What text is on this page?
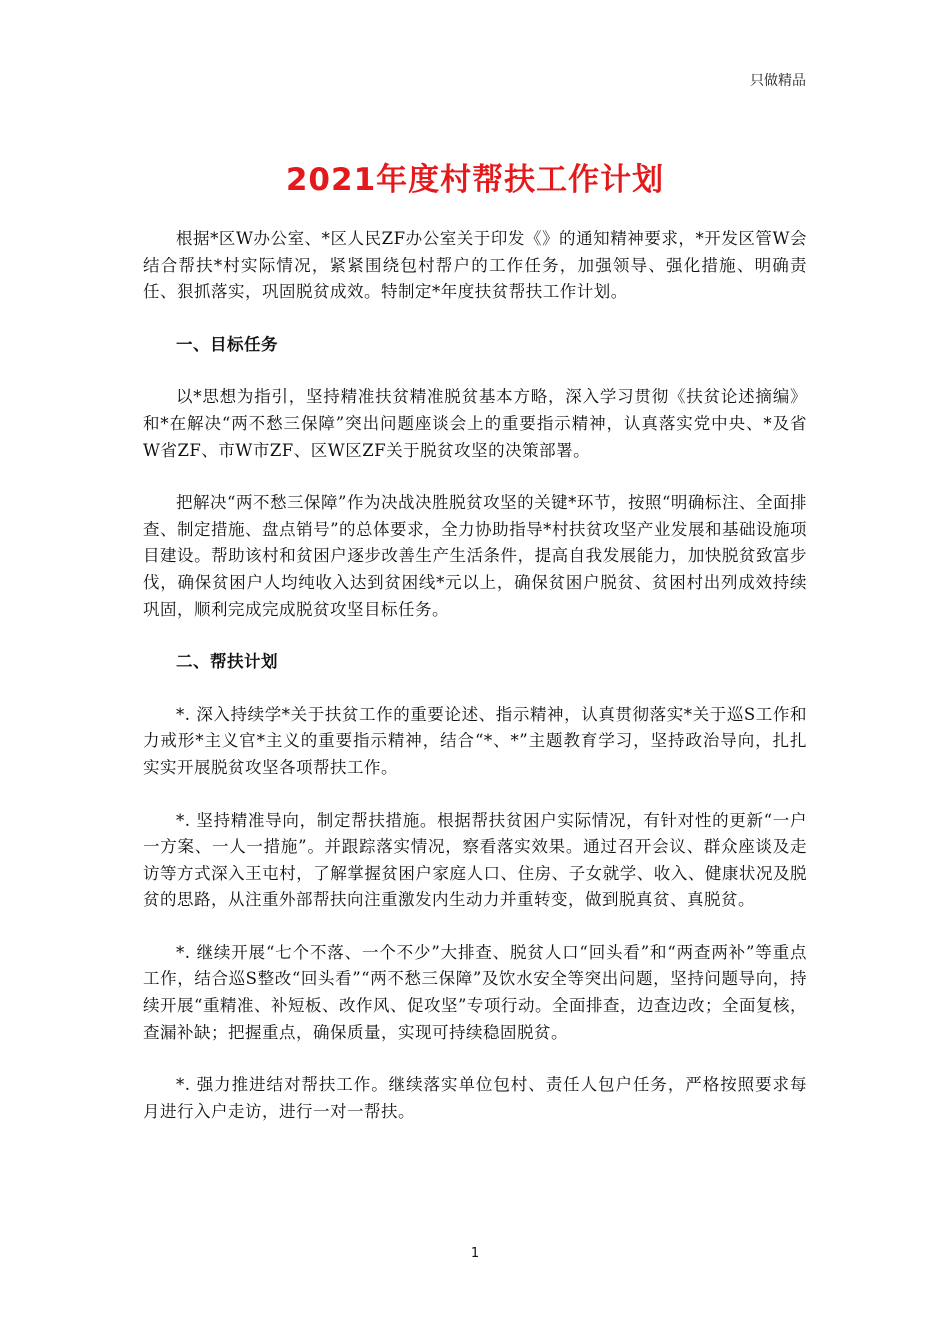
只做精品
2021年度村帮扶工作计划

根据*区W办公室、*区人民ZF办公室关于印发《》的通知精神要求，*开发区管W会结合帮扶*村实际情况，紧紧围绕包村帮户的工作任务，加强领导、强化措施、明确责任、狠抓落实，巩固脱贫成效。特制定*年度扶贫帮扶工作计划。

一、目标任务

以*思想为指引，坚持精准扶贫精准脱贫基本方略，深入学习贯彻《扶贫论述摘编》和*在解决“两不愁三保障”突出问题座谈会上的重要指示精神，认真落实党中央、*及省W省ZF、市W市ZF、区W区ZF关于脱贫攻坚的决策部署。

把解决“两不愁三保障”作为决战决胜脱贫攻坚的关键*环节，按照“明确标注、全面排查、制定措施、盘点销号”的总体要求，全力协助指导*村扶贫攻坚产业发展和基础设施项目建设。帮助该村和贫困户逐步改善生产生活条件，提高自我发展能力，加快脱贫致富步伐，确保贫困户人均纯收入达到贫困线*元以上，确保贫困户脱贫、贫困村出列成效持续巩固，顺利完成完成脱贫攻坚目标任务。

二、帮扶计划

*. 深入持续学*关于扶贫工作的重要论述、指示精神，认真贯彻落实*关于巡S工作和力戒形*主义官*主义的重要指示精神，结合“*、*”主题教育学习，坚持政治导向，扎扎实实开展脱贫攻坚各项帮扶工作。

*. 坚持精准导向，制定帮扶措施。根据帮扶贫困户实际情况，有针对性的更新“一户一方案、一人一措施”。并跟踪落实情况，察看落实效果。通过召开会议、群众座谈及走访等方式深入王屯村，了解掌握贫困户家庭人口、住房、子女就学、收入、健康状况及脱贫的思路，从注重外部帮扶向注重激发内生动力并重转变，做到脱真贫、真脱贫。

*. 继续开展“七个不落、一个不少”大排查、脱贫人口“回头看”和“两查两补”等重点工作，结合巡S整改“回头看”“两不愁三保障”及饮水安全等突出问题，坚持问题导向，持续开展“重精准、补短板、改作风、促攻坚”专项行动。全面排查，边查边改；全面复核，查漏补缺；把握重点，确保质量，实现可持续稳固脱贫。

*. 强力推进结对帮扶工作。继续落实单位包村、责任人包户任务，严格按照要求每月进行入户走访，进行一对一帮扶。

1
